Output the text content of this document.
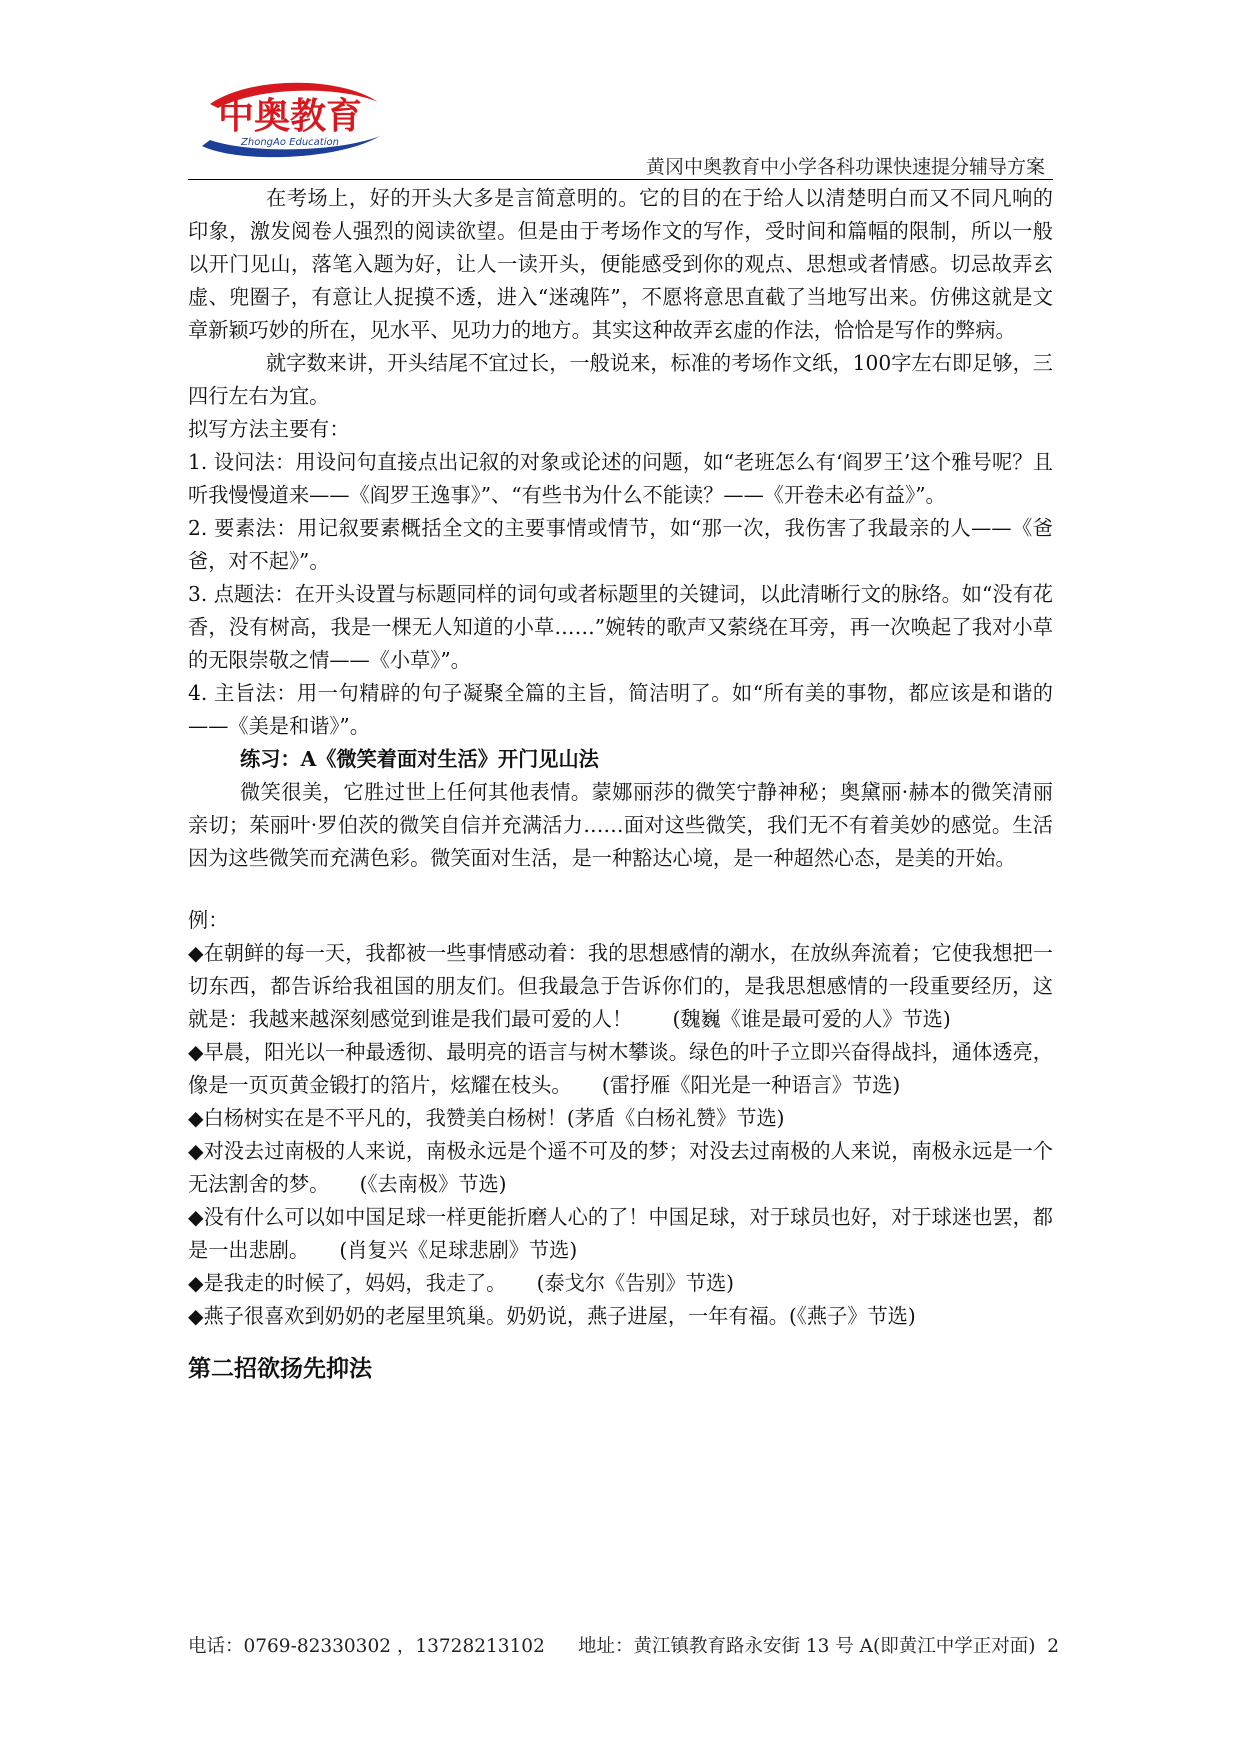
中奥教育
ZhongAo Education
黄冈中奥教育中小学各科功课快速提分辅导方案

在考场上，好的开头大多是言简意明的。它的目的在于给人以清楚明白而又不同凡响的印象，激发阅卷人强烈的阅读欲望。但是由于考场作文的写作，受时间和篇幅的限制，所以一般以开门见山，落笔入题为好，让人一读开头，便能感受到你的观点、思想或者情感。切忌故弄玄虚、兜圈子，有意让人捉摸不透，进入“迷魂阵”，不愿将意思直截了当地写出来。仿佛这就是文章新颖巧妙的所在，见水平、见功力的地方。其实这种故弄玄虚的作法，恰恰是写作的弊病。

就字数来讲，开头结尾不宜过长，一般说来，标准的考场作文纸，100字左右即足够，三四行左右为宜。

拟写方法主要有：

1. 设问法：用设问句直接点出记叙的对象或论述的问题，如“老班怎么有‘阎罗王’这个雅号呢？且听我慢慢道来——《阎罗王逸事》”、“有些书为什么不能读？——《开卷未必有益》”。

2. 要素法：用记叙要素概括全文的主要事情或情节，如“那一次，我伤害了我最亲的人——《爸爸，对不起》”。

3. 点题法：在开头设置与标题同样的词句或者标题里的关键词，以此清晰行文的脉络。如“没有花香，没有树高，我是一棵无人知道的小草……”婉转的歌声又萦绕在耳旁，再一次唤起了我对小草的无限崇敬之情——《小草》”。

4. 主旨法：用一句精辟的句子凝聚全篇的主旨，简洁明了。如“所有美的事物，都应该是和谐的——《美是和谐》”。

练习：A《微笑着面对生活》开门见山法

微笑很美，它胜过世上任何其他表情。蒙娜丽莎的微笑宁静神秘；奥黛丽·赫本的微笑清丽亲切；茱丽叶·罗伯茨的微笑自信并充满活力……面对这些微笑，我们无不有着美妙的感觉。生活因为这些微笑而充满色彩。微笑面对生活，是一种豁达心境，是一种超然心态，是美的开始。

例：

◆在朝鲜的每一天，我都被一些事情感动着：我的思想感情的潮水，在放纵奔流着；它使我想把一切东西，都告诉给我祖国的朋友们。但我最急于告诉你们的，是我思想感情的一段重要经历，这就是：我越来越深刻感觉到谁是我们最可爱的人！　　(魏巍《谁是最可爱的人》节选)

◆早晨，阳光以一种最透彻、最明亮的语言与树木攀谈。绿色的叶子立即兴奋得战抖，通体透亮，像是一页页黄金锻打的箔片，炫耀在枝头。　　(雷抒雁《阳光是一种语言》节选)

◆白杨树实在是不平凡的，我赞美白杨树！(茅盾《白杨礼赞》节选)

◆对没去过南极的人来说，南极永远是个遥不可及的梦；对没去过南极的人来说，南极永远是一个无法割舍的梦。　　(《去南极》节选)

◆没有什么可以如中国足球一样更能折磨人心的了！中国足球，对于球员也好，对于球迷也罢，都是一出悲剧。　　(肖复兴《足球悲剧》节选)

◆是我走的时候了，妈妈，我走了。　　(泰戈尔《告别》节选)

◆燕子很喜欢到奶奶的老屋里筑巢。奶奶说，燕子进屋，一年有福。(《燕子》节选)

第二招欲扬先抑法

电话：0769-82330302 ，13728213102 地址：黄江镇教育路永安街 13 号 A(即黄江中学正对面) 2
